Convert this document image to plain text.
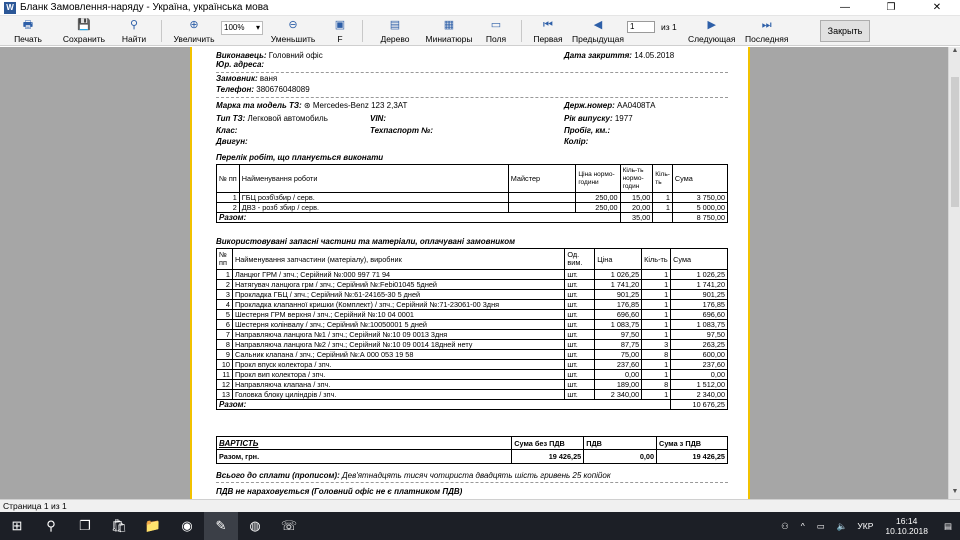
W Бланк Замовлення-наряду - Україна, українська мова	—	❐	✕
🖶
Печать
💾
Сохранить
⚲
Найти
⊕
Увеличить
100% ▾	⊖
Уменьшить
▣
F
▤
Дерево
▦
Миниатюры
▭
Поля
⏮
Первая
◀
Предыдущая
1	из 1	▶
Следующая
⏭
Последняя
Закрыть
Виконавець: Головний офіс	Дата закриття: 14.05.2018
Юр. адреса:
Замовник: ваня
Телефон: 380676048089
Марка та модель ТЗ: ⊛ Mercedes-Benz 123 2,3AT	Держ.номер: АА0408ТА
Тип ТЗ: Легковой автомобиль	VIN:	Рік випуску: 1977
Клас:	Техпаспорт №:	Пробіг, км.:
Двигун:	Колір:
Перелік робіт, що планується виконати
№ пп	Найменування роботи	Майстер	Ціна нормо-години	Кіль-ть нормо-годин	Кіль-ть	Сума
1	ГБЦ розб\збир / серв.		250,00	15,00	1	3 750,00
2	ДВЗ - розб збир / серв.		250,00	20,00	1	5 000,00
Разом:				35,00		8 750,00
Використовувані запасні частини та матеріали, оплачувані замовником
№ пп	Найменування запчастини (матеріалу), виробник	Од. вим.	Ціна	Кіль-ть	Сума
1	Ланцюг ГРМ / зпч.; Серійний №:000 997 71 94	шт.	1 026,25	1	1 026,25
2	Натягувач ланцюга грм / зпч.; Серійний №:Febi01045 5дней	шт.	1 741,20	1	1 741,20
3	Прокладка ГБЦ / зпч.; Серійний №:61-24165-30 5 дней	шт.	901,25	1	901,25
4	Прокладка клапанної кришки (Комплект) / зпч.; Серійний №:71-23061-00 3дня	шт.	176,85	1	176,85
5	Шестерня ГРМ верхня / зпч.; Серійний №:10 04 0001	шт.	696,60	1	696,60
6	Шестерня колінвалу / зпч.; Серійний №:10050001 5 дней	шт.	1 083,75	1	1 083,75
7	Направляюча ланцюга №1 / зпч.; Серійний №:10 09 0013 3дня	шт.	97,50	1	97,50
8	Направляюча ланцюга №2 / зпч.; Серійний №:10 09 0014 18дней нету	шт.	87,75	3	263,25
9	Сальник клапана / зпч.; Серійний №:А 000 053 19 58	шт.	75,00	8	600,00
10	Прокл впуск колектора / зпч.	шт.	237,60	1	237,60
11	Прокл вип колектора / зпч.	шт.	0,00	1	0,00
12	Направляюча клапана / зпч.	шт.	189,00	8	1 512,00
13	Головка блоку циліндрів / зпч.	шт.	2 340,00	1	2 340,00
Разом:					10 676,25
ВАРТІСТЬ	Сума без ПДВ	ПДВ	Сума з ПДВ
Разом, грн.	19 426,25	0,00	19 426,25
Всього до сплати (прописом): Дев'ятнадцять тисяч чотириста двадцять шість гривень 25 копійок
ПДВ не нараховується (Головний офіс не є платником ПДВ)
▲
▼
Страница 1 из 1
⊞	⚲	❐	🛍	📁	◉	✎	◍	☏	⚇ ^ ▭ 🔈 УКР	16:14
10.10.2018
▤
